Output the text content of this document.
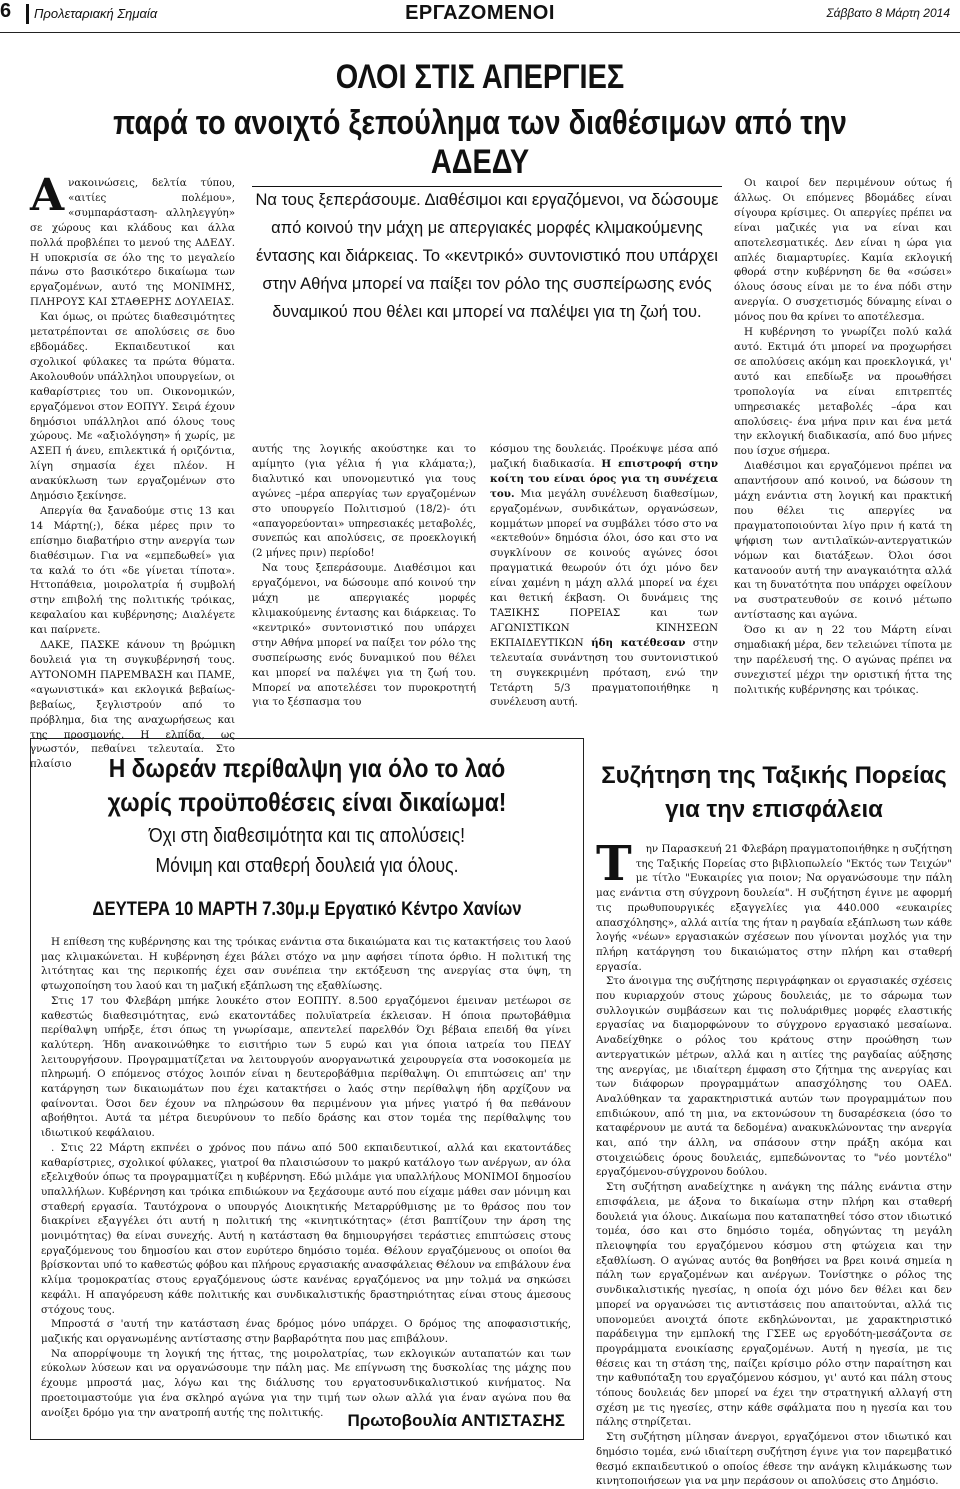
6 Προλεταριακή Σημαία	ΕΡΓΑΖΟΜΕΝΟΙ	Σάββατο 8 Μάρτη 2014
ΟΛΟΙ ΣΤΙΣ ΑΠΕΡΓΙΕΣ
παρά το ανοιχτό ξεπούλημα των διαθέσιμων από την ΑΔΕΔΥ
Α νακοινώσεις, δελτία τύπου, «αιτίες πολέμου», «συμπαράσταση- αλληλεγγύη» σε χώρους και κλάδους και άλλα πολλά προβλέπει το μενού της ΑΔΕΔΥ. Η υποκρισία σε όλο της το μεγαλείο πάνω στο βασικότερο δικαίωμα των εργαζομένων, αυτό της ΜΟΝΙΜΗΣ, ΠΛΗΡΟΥΣ ΚΑΙ ΣΤΑΘΕΡΗΣ ΔΟΥΛΕΙΑΣ.

Και όμως, οι πρώτες διαθεσιμότητες μετατρέπονται σε απολύσεις σε δυο εβδομάδες. Εκπαιδευτικοί και σχολικοί φύλακες τα πρώτα θύματα. Ακολουθούν υπάλληλοι υπουργείων, οι καθαρίστριες του υπ. Οικονομικών, εργαζόμενοι στον ΕΟΠΥΥ. Σειρά έχουν δημόσιοι υπάλληλοι από όλους τους χώρους. Με «αξιολόγηση» ή χωρίς, με ΑΣΕΠ ή άνευ, επιλεκτικά ή οριζόντια, λίγη σημασία έχει πλέον. Η ανακύκλωση των εργαζομένων στο Δημόσιο ξεκίνησε.

Απεργία θα ξαναδούμε στις 13 και 14 Μάρτη(;), δέκα μέρες πριν το επίσημο διαβατήριο στην ανεργία των διαθέσιμων. Για να «εμπεδωθεί» για τα καλά το ότι «δε γίνεται τίποτα». Ηττοπάθεια, μοιρολατρία ή συμβολή στην επιβολή της πολιτικής τρόικας, κεφαλαίου και κυβέρνησης; Διαλέγετε και παίρνετε.

ΔΑΚΕ, ΠΑΣΚΕ κάνουν τη βρώμικη δουλειά για τη συγκυβέρνησή τους. ΑΥΤΟΝΟΜΗ ΠΑΡΕΜΒΑΣΗ και ΠΑΜΕ, «αγωνιστικά» και εκλογικά βεβαίως-βεβαίως, ξεγλιστρούν από το πρόβλημα, δια της αναχωρήσεως και της προσμονής. Η ελπίδα, ως γνωστόν, πεθαίνει τελευταία. Στο πλαίσιο

Να τους ξεπεράσουμε. Διαθέσιμοι και εργαζόμενοι, να δώσουμε από κοινού την μάχη με απεργιακές μορφές κλιμακούμενης έντασης και διάρκειας. Το «κεντρικό» συντονιστικό που υπάρχει στην Αθήνα μπορεί να παίξει τον ρόλο της συσπείρωσης ενός δυναμικού που θέλει και μπορεί να παλέψει για τη ζωή του.

αυτής της λογικής ακούστηκε και το αμίμητο (για γέλια ή για κλάματα;), διαλυτικό και υπονομευτικό για τους αγώνες –μέρα απεργίας των εργαζομένων στο υπουργείο Πολιτισμού (18/2)- ότι «απαγορεύονται» υπηρεσιακές μεταβολές, συνεπώς και απολύσεις, σε προεκλογική (2 μήνες πριν) περίοδο!

Να τους ξεπεράσουμε. Διαθέσιμοι και εργαζόμενοι, να δώσουμε από κοινού την μάχη με απεργιακές μορφές κλιμακούμενης έντασης και διάρκειας. Το «κεντρικό» συντονιστικό που υπάρχει στην Αθήνα μπορεί να παίξει τον ρόλο της συσπείρωσης ενός δυναμικού που θέλει και μπορεί να παλέψει για τη ζωή του. Μπορεί να αποτελέσει τον πυροκροτητή για το ξέσπασμα του

κόσμου της δουλειάς. Προέκυψε μέσα από μαζική διαδικασία. Η επιστροφή στην κοίτη του είναι όρος για τη συνέχεια του. Μια μεγάλη συνέλευση διαθεσίμων, εργαζομένων, συνδικάτων, οργανώσεων, κομμάτων μπορεί να συμβάλει τόσο στο να «εκτεθούν» δημόσια όλοι, όσο και στο να συγκλίνουν σε κοινούς αγώνες όσοι πραγματικά θεωρούν ότι όχι μόνο δεν είναι χαμένη η μάχη αλλά μπορεί να έχει και θετική έκβαση. Οι δυνάμεις της ΤΑΞΙΚΗΣ ΠΟΡΕΙΑΣ και των ΑΓΩΝΙΣΤΙΚΩΝ ΚΙΝΗΣΕΩΝ ΕΚΠΑΙΔΕΥΤΙΚΩΝ ήδη κατέθεσαν στην τελευταία συνάντηση του συντονιστικού τη συγκεκριμένη πρόταση, ενώ την Τετάρτη 5/3 πραγματοποιήθηκε η συνέλευση αυτή.

Οι καιροί δεν περιμένουν ούτως ή άλλως. Οι επόμενες βδομάδες είναι σίγουρα κρίσιμες. Οι απεργίες πρέπει να είναι μαζικές για να είναι και αποτελεσματικές. Δεν είναι η ώρα για απλές διαμαρτυρίες. Καμία εκλογική φθορά στην κυβέρνηση δε θα «σώσει» όλους όσους είναι με το ένα πόδι στην ανεργία. Ο συσχετισμός δύναμης είναι ο μόνος που θα κρίνει το αποτέλεσμα.

Η κυβέρνηση το γνωρίζει πολύ καλά αυτό. Εκτιμά ότι μπορεί να προχωρήσει σε απολύσεις ακόμη και προεκλογικά, γι' αυτό και επεδίωξε να προωθήσει τροπολογία να είναι επιτρεπτές υπηρεσιακές μεταβολές –άρα και απολύσεις- ένα μήνα πριν και ένα μετά την εκλογική διαδικασία, από δυο μήνες που ίσχυε σήμερα.

Διαθέσιμοι και εργαζόμενοι πρέπει να απαντήσουν από κοινού, να δώσουν τη μάχη ενάντια στη λογική και πρακτική που θέλει τις απεργίες να πραγματοποιούνται λίγο πριν ή κατά τη ψήφιση των αντιλαϊκών-αντεργατικών νόμων και διατάξεων. Όλοι όσοι κατανοούν αυτή την αναγκαιότητα αλλά και τη δυνατότητα που υπάρχει οφείλουν να συστρατευθούν σε κοινό μέτωπο αντίστασης και αγώνα.

Όσο κι αν η 22 του Μάρτη είναι σημαδιακή μέρα, δεν τελειώνει τίποτα με την παρέλευσή της. Ο αγώνας πρέπει να συνεχιστεί μέχρι την οριστική ήττα της πολιτικής κυβέρνησης και τρόικας.

Η δωρεάν περίθαλψη για όλο το λαό
χωρίς προϋποθέσεις είναι δικαίωμα!
Όχι στη διαθεσιμότητα και τις απολύσεις!
Μόνιμη και σταθερή δουλειά για όλους.
ΔΕΥΤΕΡΑ 10 ΜΑΡΤΗ 7.30μ.μ Εργατικό Κέντρο Χανίων

Η επίθεση της κυβέρνησης και της τρόικας ενάντια στα δικαιώματα και τις κατακτήσεις του λαού μας κλιμακώνεται. Η κυβέρνηση έχει βάλει στόχο να μην αφήσει τίποτα όρθιο. Η πολιτική της λιτότητας και της περικοπής έχει σαν συνέπεια την εκτόξευση της ανεργίας στα ύψη, τη φτωχοποίηση του λαού και τη μαζική εξάπλωση της εξαθλίωσης.

Στις 17 του Φλεβάρη μπήκε λουκέτο στον ΕΟΠΠΥ. 8.500 εργαζόμενοι έμειναν μετέωροι σε καθεστώς διαθεσιμότητας, ενώ εκατοντάδες πολυϊατρεία έκλεισαν. Η όποια πρωτοβάθμια περίθαλψη υπήρξε, έτσι όπως τη γνωρίσαμε, απεντελεί παρελθόν Όχι βέβαια επειδή θα γίνει καλύτερη. Ήδη ανακοινώθηκε το εισιτήριο των 5 ευρώ και για όποια ιατρεία του ΠΕΔΥ λειτουργήσουν. Προγραμματίζεται να λειτουργούν ανοργανωτικά χειρουργεία στα νοσοκομεία με πληρωμή. Ο επόμενος στόχος λοιπόν είναι η δευτεροβάθμια περίθαλψη. Οι επιπτώσεις απ' την κατάργηση των δικαιωμάτων που έχει κατακτήσει ο λαός στην περίθαλψη ήδη αρχίζουν να φαίνονται. Όσοι δεν έχουν να πληρώσουν θα περιμένουν για μήνες γιατρό ή θα πεθάνουν αβοήθητοι. Αυτά τα μέτρα διευρύνουν το πεδίο δράσης και στον τομέα της περίθαλψης του ιδιωτικού κεφάλαιου.

. Στις 22 Μάρτη εκπνέει ο χρόνος που πάνω από 500 εκπαιδευτικοί, αλλά και εκατοντάδες καθαρίστριες, σχολικοί φύλακες, γιατροί θα πλαισιώσουν το μακρύ κατάλογο των ανέργων, αν όλα εξελιχθούν όπως τα προγραμματίζει η κυβέρνηση. Εδώ μιλάμε για υπαλλήλους ΜΟΝΙΜΟΙ δημοσίου υπαλλήλων. Κυβέρνηση και τρόικα επιδιώκουν να ξεχάσουμε αυτό που είχαμε μάθει σαν μόνιμη και σταθερή εργασία. Ταυτόχρονα ο υπουργός Διοικητικής Μεταρρύθμισης με το θράσος που τον διακρίνει εξαγγέλει ότι αυτή η πολιτική της «κινητικότητας» (έτσι βαπτίζουν την άρση της μονιμότητας) θα είναι συνεχής. Αυτή η κατάσταση θα δημιουργήσει τεράστιες επιπτώσεις στους εργαζόμενους του δημοσίου και στον ευρύτερο δημόσιο τομέα. Θέλουν εργαζόμενους οι οποίοι θα βρίσκονται υπό το καθεστώς φόβου και πλήρους εργασιακής ανασφάλειας Θέλουν να επιβάλουν ένα κλίμα τρομοκρατίας στους εργαζόμενους ώστε κανένας εργαζόμενος να μην τολμά να σηκώσει κεφάλι. Η απαγόρευση κάθε πολιτικής και συνδικαλιστικής δραστηριότητας είναι στους άμεσους στόχους τους.

Μπροστά σ 'αυτή την κατάσταση ένας δρόμος μόνο υπάρχει. Ο δρόμος της αποφασιστικής, μαζικής και οργανωμένης αντίστασης στην βαρβαρότητα που μας επιβάλουν.

Να απορρίψουμε τη λογική της ήττας, της μοιρολατρίας, των εκλογικών αυταπατών και των εύκολων λύσεων και να οργανώσουμε την πάλη μας. Με επίγνωση της δυσκολίας της μάχης που έχουμε μπροστά μας, λόγω και της διάλυσης του εργατοσυνδικαλιστικού κινήματος. Να προετοιμαστούμε για ένα σκληρό αγώνα για την τιμή των ολων αλλά για έναν αγώνα που θα ανοίξει δρόμο για την ανατροπή αυτής της πολιτικής.	Πρωτοβουλία ΑΝΤΙΣΤΑΣΗΣ
Συζήτηση της Ταξικής Πορείας
για την επισφάλεια
Τ	ην Παρασκευή 21 Φλεβάρη πραγματοποιήθηκε η συζήτηση της Ταξικής Πορείας στο βιβλιοπωλείο "Εκτός των Τειχών" με τίτλο "Ευκαιρίες για ποιον; Να οργανώσουμε την πάλη μας ενάντια στη σύγχρονη δουλεία". Η συζήτηση έγινε με αφορμή τις πρωθυπουργικές εξαγγελίες για 440.000 «ευκαιρίες απασχόλησης», αλλά αιτία της ήταν η ραγδαία εξάπλωση των κάθε λογής «νέων» εργασιακών σχέσεων που γίνονται μοχλός για την πλήρη κατάργηση του δικαιώματος στην πλήρη και σταθερή εργασία.

Στο άνοιγμα της συζήτησης περιγράφηκαν οι εργασιακές σχέσεις που κυριαρχούν στους χώρους δουλειάς, με το σάρωμα των συλλογικών συμβάσεων και τις πολυάριθμες μορφές ελαστικής εργασίας να διαμορφώνουν το σύγχρονο εργασιακό μεσαίωνα. Αναδείχθηκε ο ρόλος του κράτους στην προώθηση των αντεργατικών μέτρων, αλλά και η αιτίες της ραγδαίας αύξησης της ανεργίας, με ιδιαίτερη έμφαση στο ζήτημα της ανεργίας και των διάφορων προγραμμάτων απασχόλησης του ΟΑΕΔ. Αναλύθηκαν τα χαρακτηριστικά αυτών των προγραμμάτων που επιδιώκουν, από τη μια, να εκτονώσουν τη δυσαρέσκεια (όσο το καταφέρνουν με αυτά τα δεδομένα) ανακυκλώνοντας την ανεργία και, από την άλλη, να σπάσουν στην πράξη ακόμα και στοιχειώδεις όρους δουλειάς, εμπεδώνοντας το "νέο μοντέλο" εργαζόμενου-σύγχρονου δούλου.

Στη συζήτηση αναδείχτηκε η ανάγκη της πάλης ενάντια στην επισφάλεια, με άξονα το δικαίωμα στην πλήρη και σταθερή δουλειά για όλους. Δικαίωμα που καταπατηθεί τόσο στον ιδιωτικό τομέα, όσο και στο δημόσιο τομέα, οδηγώντας τη μεγάλη πλειοψηφία του εργαζόμενου κόσμου στη φτώχεια και την εξαθλίωση. Ο αγώνας αυτός θα βοηθήσει να βρει κοινά σημεία η πάλη των εργαζομένων και ανέργων. Τονίστηκε ο ρόλος της συνδικαλιστικής ηγεσίας, η οποία όχι μόνο δεν θέλει και δεν μπορεί να οργανώσει τις αντιστάσεις που απαιτούνται, αλλά τις υπονομεύει ανοιχτά όποτε εκδηλώνονται, με χαρακτηριστικό παράδειγμα την εμπλοκή της ΓΣΕΕ ως εργοδότη-μεσάζοντα σε προγράμματα ενοικίασης εργαζομένων. Αυτή η ηγεσία, με τις θέσεις και τη στάση της, παίζει κρίσιμο ρόλο στην παραίτηση και την καθυπόταξη του εργαζόμενου κόσμου, γι' αυτό και πάλη στους τόπους δουλειάς δεν μπορεί να έχει την στρατηγική αλλαγή στη σχέση με τις ηγεσίες, στην κάθε σφάλματα που η ηγεσία και του πάλης στηρίζεται.

Στη συζήτηση μίλησαν άνεργοι, εργαζόμενοι στον ιδιωτικό και δημόσιο τομέα, ενώ ιδιαίτερη συζήτηση έγινε για τον παρεμβατικό θεσμό εκπαιδευτικού ο οποίος έθεσε την ανάγκη κλιμάκωσης των κινητοποιήσεων για να μην περάσουν οι απολύσεις στο Δημόσιο.
